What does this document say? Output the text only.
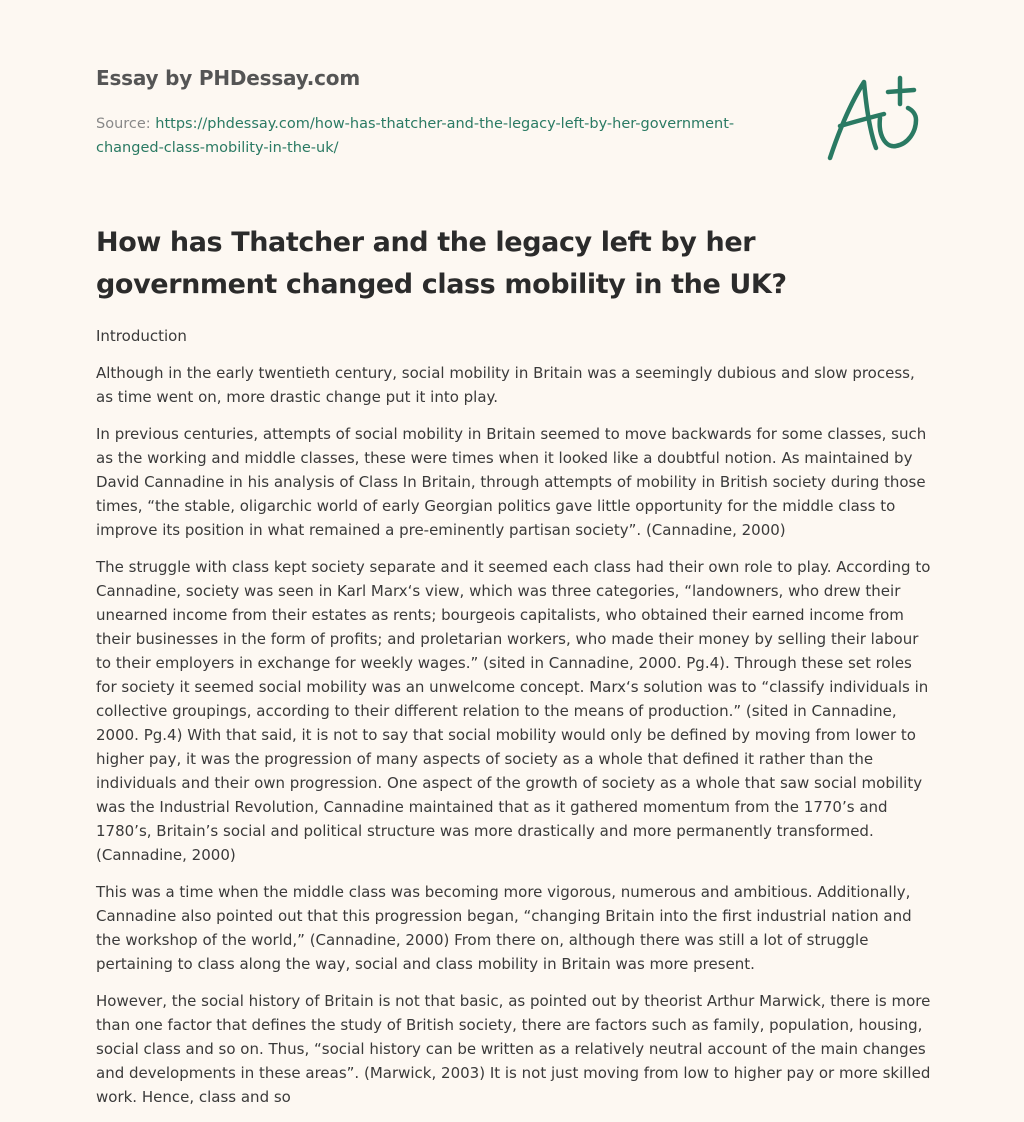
Essay by PHDessay.com
Source: https://phdessay.com/how-has-thatcher-and-the-legacy-left-by-her-government-changed-class-mobility-in-the-uk/
How has Thatcher and the legacy left by her government changed class mobility in the UK?

Introduction

Although in the early twentieth century, social mobility in Britain was a seemingly dubious and slow process, as time went on, more drastic change put it into play.

In previous centuries, attempts of social mobility in Britain seemed to move backwards for some classes, such as the working and middle classes, these were times when it looked like a doubtful notion. As maintained by David Cannadine in his analysis of Class In Britain, through attempts of mobility in British society during those times, “the stable, oligarchic world of early Georgian politics gave little opportunity for the middle class to improve its position in what remained a pre-eminently partisan society”. (Cannadine, 2000)

The struggle with class kept society separate and it seemed each class had their own role to play. According to Cannadine, society was seen in Karl Marx‘s view, which was three categories, “landowners, who drew their unearned income from their estates as rents; bourgeois capitalists, who obtained their earned income from their businesses in the form of profits; and proletarian workers, who made their money by selling their labour to their employers in exchange for weekly wages.” (sited in Cannadine, 2000. Pg.4). Through these set roles for society it seemed social mobility was an unwelcome concept. Marx‘s solution was to “classify individuals in collective groupings, according to their different relation to the means of production.” (sited in Cannadine, 2000. Pg.4) With that said, it is not to say that social mobility would only be defined by moving from lower to higher pay, it was the progression of many aspects of society as a whole that defined it rather than the individuals and their own progression. One aspect of the growth of society as a whole that saw social mobility was the Industrial Revolution, Cannadine maintained that as it gathered momentum from the 1770’s and 1780’s, Britain’s social and political structure was more drastically and more permanently transformed. (Cannadine, 2000)

This was a time when the middle class was becoming more vigorous, numerous and ambitious. Additionally, Cannadine also pointed out that this progression began, “changing Britain into the first industrial nation and the workshop of the world,” (Cannadine, 2000) From there on, although there was still a lot of struggle pertaining to class along the way, social and class mobility in Britain was more present.

However, the social history of Britain is not that basic, as pointed out by theorist Arthur Marwick, there is more than one factor that defines the study of British society, there are factors such as family, population, housing, social class and so on. Thus, “social history can be written as a relatively neutral account of the main changes and developments in these areas”. (Marwick, 2003) It is not just moving from low to higher pay or more skilled work. Hence, class and so
